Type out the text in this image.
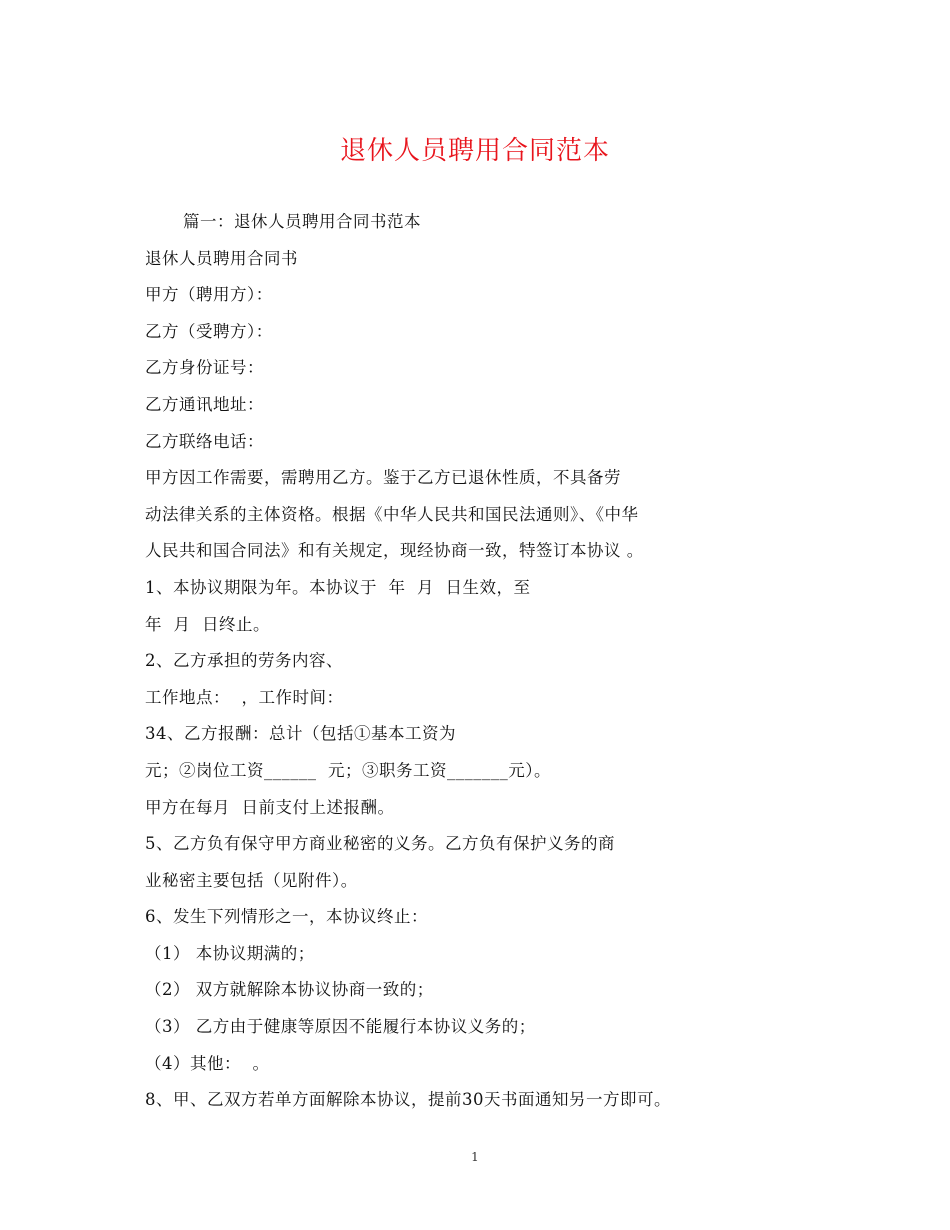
退休人员聘用合同范本
篇一：退休人员聘用合同书范本
退休人员聘用合同书
甲方（聘用方）：
乙方（受聘方）：
乙方身份证号：
乙方通讯地址：
乙方联络电话：
甲方因工作需要，需聘用乙方。鉴于乙方已退休性质，不具备劳
动法律关系的主体资格。根据《中华人民共和国民法通则》、《中华
人民共和国合同法》和有关规定，现经协商一致，特签订本协议 。
1、本协议期限为年。本协议于  年  月  日生效，至
年  月  日终止。
2、乙方承担的劳务内容、
工作地点：  ，工作时间：
34、乙方报酬：总计（包括①基本工资为
元；②岗位工资______  元；③职务工资_______元）。
甲方在每月  日前支付上述报酬。
5、乙方负有保守甲方商业秘密的义务。乙方负有保护义务的商
业秘密主要包括（见附件）。
6、发生下列情形之一，本协议终止：
（1） 本协议期满的；
（2） 双方就解除本协议协商一致的；
（3） 乙方由于健康等原因不能履行本协议义务的；
（4）其他：  。
8、甲、乙双方若单方面解除本协议，提前30天书面通知另一方即可。
1
